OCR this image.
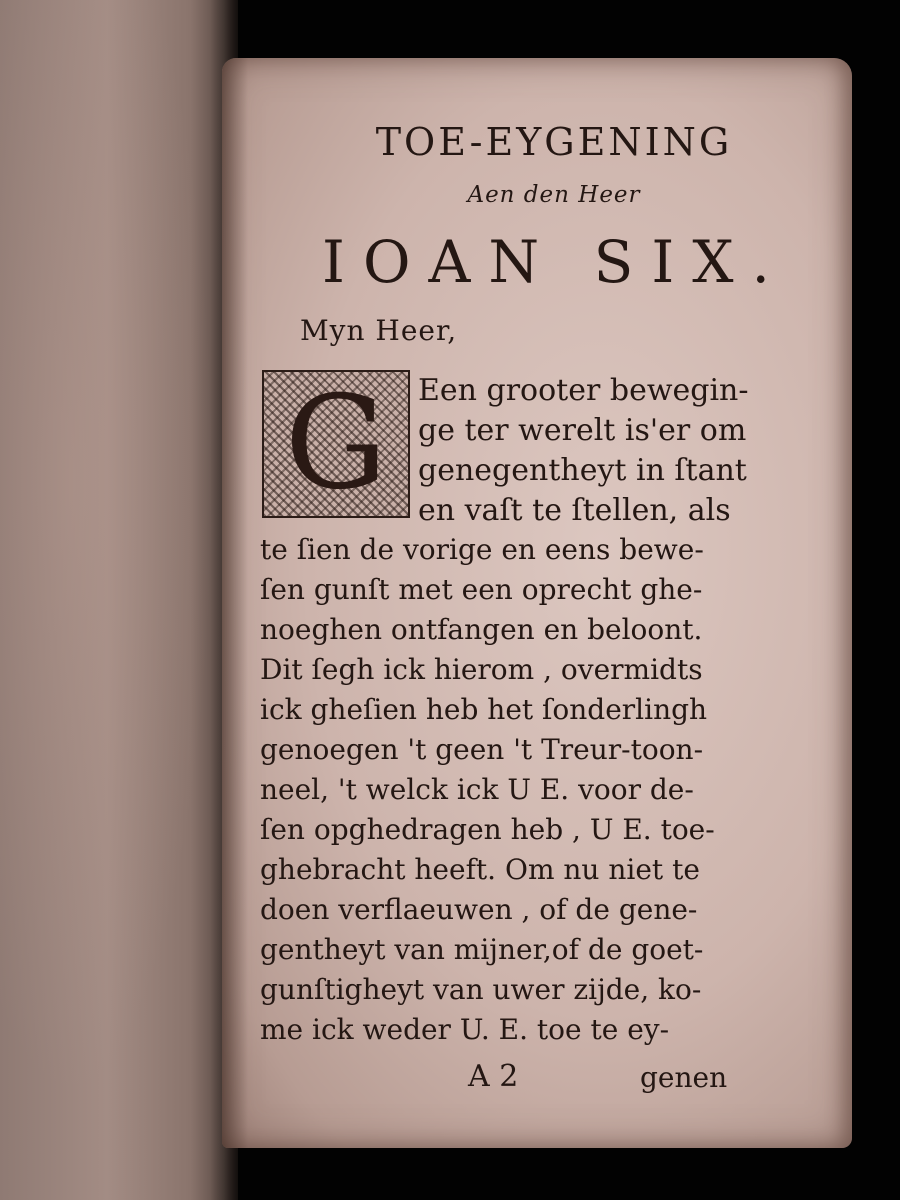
TOE-EYGENING
Aen den Heer
IOAN SIX.
Myn Heer,
G	Een grooter bewegin-
ge ter werelt is'er om
genegentheyt in ſtant
en vaſt te ſtellen, als
te ſien de vorige en eens bewe-
ſen gunſt met een oprecht ghe-
noeghen ontfangen en beloont.
Dit ſegh ick hierom , overmidts
ick gheſien heb het ſonderlingh
genoegen 't geen 't Treur-toon-
neel, 't welck ick U E. voor de-
ſen opghedragen heb , U E. toe-
ghebracht heeft. Om nu niet te
doen verflaeuwen , of de gene-
gentheyt van mijner,of de goet-
gunſtigheyt van uwer zijde, ko-
me ick weder U. E. toe te ey-
A 2	genen
